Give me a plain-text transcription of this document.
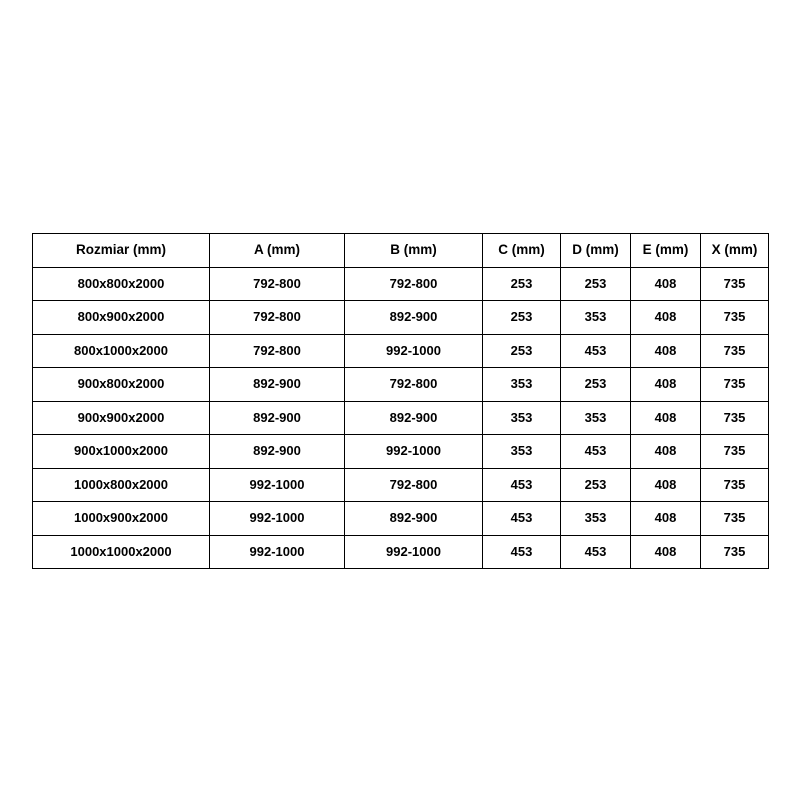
Rozmiar (mm)	A (mm)	B (mm)	C (mm)	D (mm)	E (mm)	X (mm)
800x800x2000	792-800	792-800	253	253	408	735
800x900x2000	792-800	892-900	253	353	408	735
800x1000x2000	792-800	992-1000	253	453	408	735
900x800x2000	892-900	792-800	353	253	408	735
900x900x2000	892-900	892-900	353	353	408	735
900x1000x2000	892-900	992-1000	353	453	408	735
1000x800x2000	992-1000	792-800	453	253	408	735
1000x900x2000	992-1000	892-900	453	353	408	735
1000x1000x2000	992-1000	992-1000	453	453	408	735
